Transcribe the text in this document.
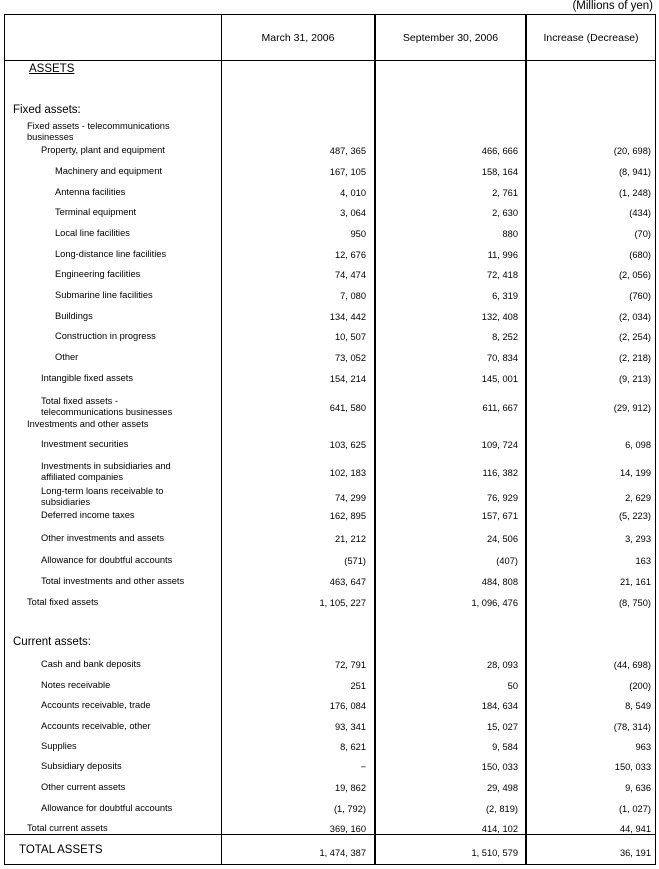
(Millions of yen)
March 31, 2006	September 30, 2006	Increase (Decrease)
ASSETS
Fixed assets:
Fixed assets - telecommunications businesses
Property, plant and equipment	487, 365	466, 666	(20, 698)
Machinery and equipment	167, 105	158, 164	(8, 941)
Antenna facilities	4, 010	2, 761	(1, 248)
Terminal equipment	3, 064	2, 630	(434)
Local line facilities	950	880	(70)
Long-distance line facilities	12, 676	11, 996	(680)
Engineering facilities	74, 474	72, 418	(2, 056)
Submarine line facilities	7, 080	6, 319	(760)
Buildings	134, 442	132, 408	(2, 034)
Construction in progress	10, 507	8, 252	(2, 254)
Other	73, 052	70, 834	(2, 218)
Intangible fixed assets	154, 214	145, 001	(9, 213)
Total fixed assets - telecommunications businesses	641, 580	611, 667	(29, 912)
Investments and other assets
Investment securities	103, 625	109, 724	6, 098
Investments in subsidiaries and affiliated companies	102, 183	116, 382	14, 199
Long-term loans receivable to subsidiaries	74, 299	76, 929	2, 629
Deferred income taxes	162, 895	157, 671	(5, 223)
Other investments and assets	21, 212	24, 506	3, 293
Allowance for doubtful accounts	(571)	(407)	163
Total investments and other assets	463, 647	484, 808	21, 161
Total fixed assets	1, 105, 227	1, 096, 476	(8, 750)
Current assets:
Cash and bank deposits	72, 791	28, 093	(44, 698)
Notes receivable	251	50	(200)
Accounts receivable, trade	176, 084	184, 634	8, 549
Accounts receivable, other	93, 341	15, 027	(78, 314)
Supplies	8, 621	9, 584	963
Subsidiary deposits	−	150, 033	150, 033
Other current assets	19, 862	29, 498	9, 636
Allowance for doubtful accounts	(1, 792)	(2, 819)	(1, 027)
Total current assets	369, 160	414, 102	44, 941
TOTAL ASSETS	1, 474, 387	1, 510, 579	36, 191
